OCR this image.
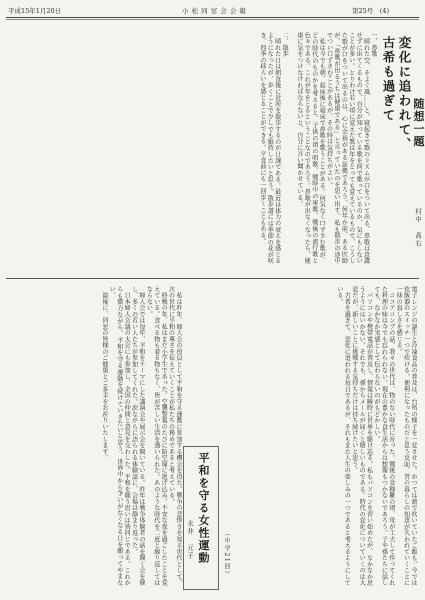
平成15年1月20日	小 松 同 窓 会 会 報	第25号　(4)
古希も過ぎて 変化に追われて、 随想一題
村中　高右
一、鼻歌
　晴れた空、そよぐ風……と、寝起きで歌のリズムが口をついて出る。鼻歌は意識せずに出てくるもので、自分が知っている歌を何で歌っているのか、気にもしないことが多い。とりわけ若い頃に覚えた歌は年をとっても覚えているもので、こうした歌が口をついて出るのは、心に余裕がある証拠であろう。何年か前、ある医師が、「鼻歌が出るうちは健康である」と言っていたのを思い出す。私も散歩の途中でつい口ずさむことがあるが、その時は気持ちがよい。
　私は今でも朝、起床後に寝床で鼻歌を歌うことがある。何気なく口ずさむ歌が、どの時代のものかを考えると、子供の頃の唱歌、戦時中の軍歌、戦後の流行歌と色々である。これが年をとるということなのであろう。鼻歌が出なくなったら、健康に気をつけなければならないと、自分に言い聞かせている。

二、散歩
　晴れた日は朝食後に近所を散歩するのが日課である。最近は体力の衰えを感じるようになったが、歩くことで少しでも維持したいと思う。散歩道には季節の花が咲き、四季の移ろいを感じることができる。夕食前にも一回歩くこともある。
電子レンジの誕生と冷凍食品の普及は、台所の様子を一変させた。かつては薪で炊いていたご飯も、今では炊飯器のスイッチ一つで炊ける。便利になったものだと思う反面、昔の暮らしの知恵が失われていくことに一抹の寂しさを感じる。
　ココアコンブの話。我々の世代は、物のない時代に育った。戦後の食糧難の頃、母が工夫して作ってくれた料理の味は今でも忘れられない。現在の豊かな食生活からは想像もつかないであろう。子や孫たちに話しても、なかなか実感として伝わらないのがもどかしい。
　パソコンや携帯電話が普及し、情報は瞬時に世界を駆け巡る。私もパソコンを習い始めたが、なかなか思うようにはいかない。それでも、孫からメールが届くと嬉しいものである。時代の変化についていくのは大変だが、新しいことに挑戦する気持ちだけは持ち続けたいと思う。
　古希を過ぎて、変化に追われる毎日であるが、それもまた人生の楽しみの一つであると考えるようにしている。
平和を守る女性運動
永井　元子
　私は昨年、婦人会の役員として平和を守る運動に参加する機会を得た。戦争の悲惨さを知る世代として、次の世代に平和の尊さを伝えていくことが私たちの務めであると考えている。
　終戦の年、私はまだ小学生であった。空襲警報のたびに防空壕に逃げ込み、不安な夜を過ごしたことを覚えている。食べる物も着る物もなく、皆が苦しい生活を強いられた。あのような時代を二度と繰り返してはならない。
　婦人会では毎年、平和をテーマにした講演会や展示会を開いている。昨年は戦争体験者の話を聞く会を催し、多くの若い人たちが参加してくれた。涙ながらに語られる体験談に、会場は静まり返った。
　日本婦人会議の大会にも参加し、全国の仲間と意見を交わした。平和を願う思いは皆同じである。これからも微力ながら、平和を守る運動を続けていきたいと思う。世界中から争いがなくなる日を願ってやまない。
　最後に、同窓の皆様のご健康とご多幸をお祈りいたします。
（中学21回）
